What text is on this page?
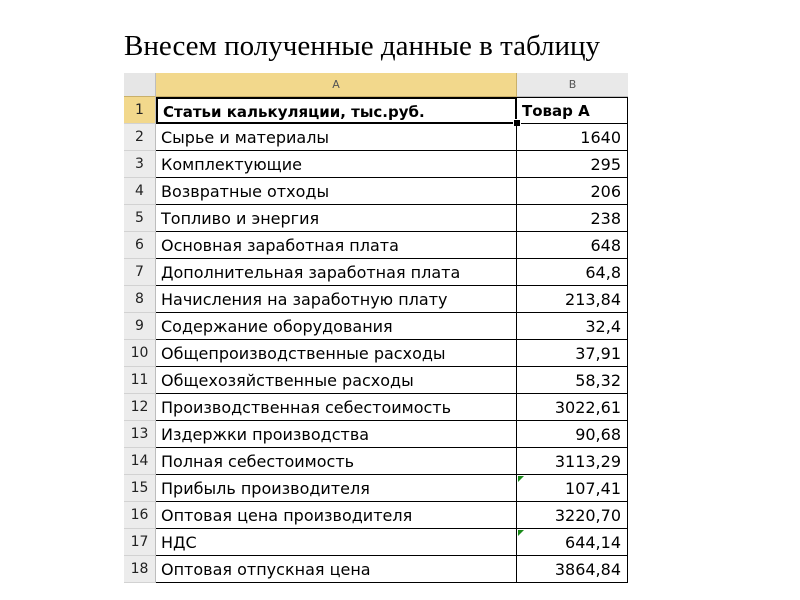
Внесем полученные данные в таблицу
A	B
1	Статьи калькуляции, тыс.руб.	Товар А
2	Сырье и материалы	1640
3	Комплектующие	295
4	Возвратные отходы	206
5	Топливо и энергия	238
6	Основная заработная плата	648
7	Дополнительная заработная плата	64,8
8	Начисления на заработную плату	213,84
9	Содержание оборудования	32,4
10 Общепроизводственные расходы	37,91
11 Общехозяйственные расходы	58,32
12 Производственная себестоимость	3022,61
13 Издержки производства	90,68
14 Полная себестоимость	3113,29
15 Прибыль производителя	107,41
16 Оптовая цена производителя	3220,70
17 НДС	644,14
18 Оптовая отпускная цена	3864,84
